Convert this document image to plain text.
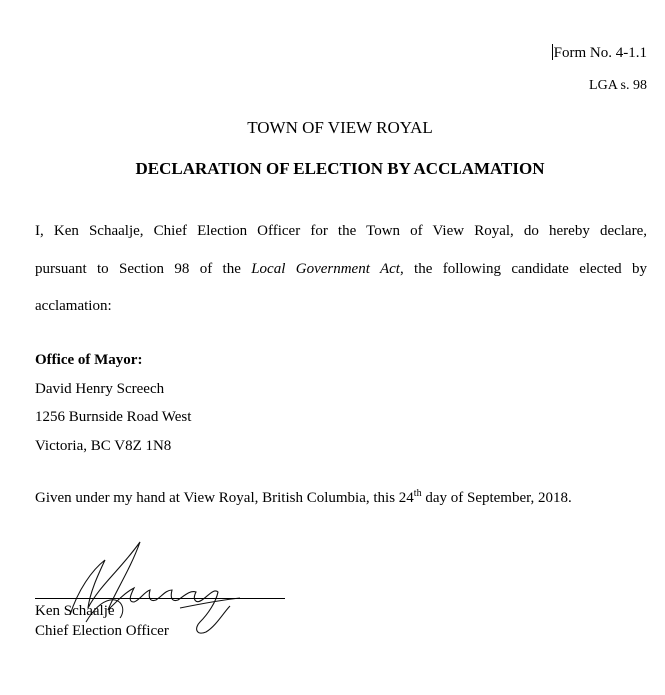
Form No. 4-1.1
LGA s. 98
TOWN OF VIEW ROYAL
DECLARATION OF ELECTION BY ACCLAMATION
I, Ken Schaalje, Chief Election Officer for the Town of View Royal, do hereby declare,
pursuant to Section 98 of the Local Government Act, the following candidate elected by
acclamation:
Office of Mayor:
David Henry Screech
1256 Burnside Road West
Victoria, BC V8Z 1N8
Given under my hand at View Royal, British Columbia, this 24th day of September, 2018.
Ken Schaalje
Chief Election Officer
